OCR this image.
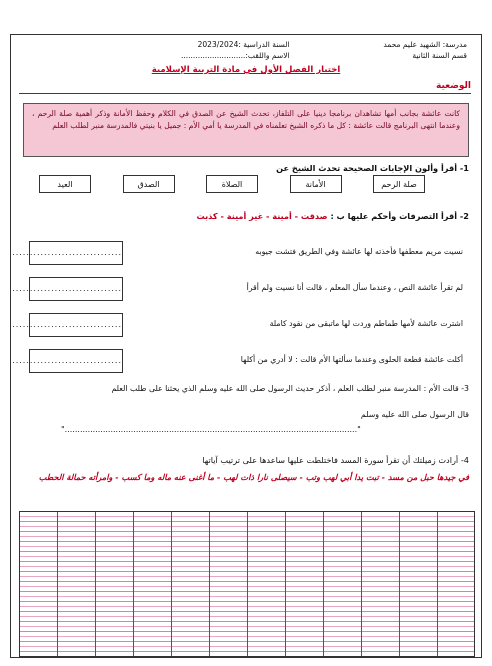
مدرسة: الشهيد عليم محمد
قسم السنة الثانية
السنة الدراسية :2023/2024
الاسم واللقب:...........................
اختبار الفصل الأول في مادة التربية الإسلامية
الوضعية
كانت عائشة بجانب أمها تشاهدان برنامجا دينيا على التلفاز، تحدث الشيخ عن الصدق في الكلام وحفظ الأمانة وذكر أهمية صلة الرحم ، وعندما انتهى البرنامج قالت عائشة : كل ما ذكره الشيخ تعلمناه في المدرسة يا أمي الأم : جميل يا بنيتي فالمدرسة منبر لطلب العلم
1- أقرأ وألون الإجابات الصحيحة تحدث الشيخ عن
العيد	الصدق	الصلاة	الأمانة	صلة الرحم
2- أقرأ التصرفات وأحكم عليها ب : صدقت - أمينة - غير أمينة - كذبت
نسيت مريم معطفها فأخذته لها عائشة وفي الطريق فتشت جيوبه
...............................
لم تقرأ عائشة النص ، وعندما سأل المعلم ، قالت أنا نسيت ولم أقرأ
...............................
اشترت عائشة لأمها طماطم وردت لها ماتبقى من نقود كاملة
...............................
أكلت عائشة قطعة الحلوى وعندما سألتها الأم قالت : لا أدري من أكلها
...............................
3- قالت الأم : المدرسة منبر لطلب العلم ، أذكر حديث الرسول صلى الله عليه وسلم الذي يحثنا على طلب العلم
قال الرسول صلى الله عليه وسلم
"..................................................................................................................."
4- أرادت زميلتك أن تقرأ سورة المسد فاختلطت عليها ساعدها على ترتيب آياتها
في جيدها حبل من مسد - تبت يدا أبي لهب وتب - سيصلى نارا ذات لهب - ما أغنى عنه ماله وما كسب - وامرأته حمالة الحطب
